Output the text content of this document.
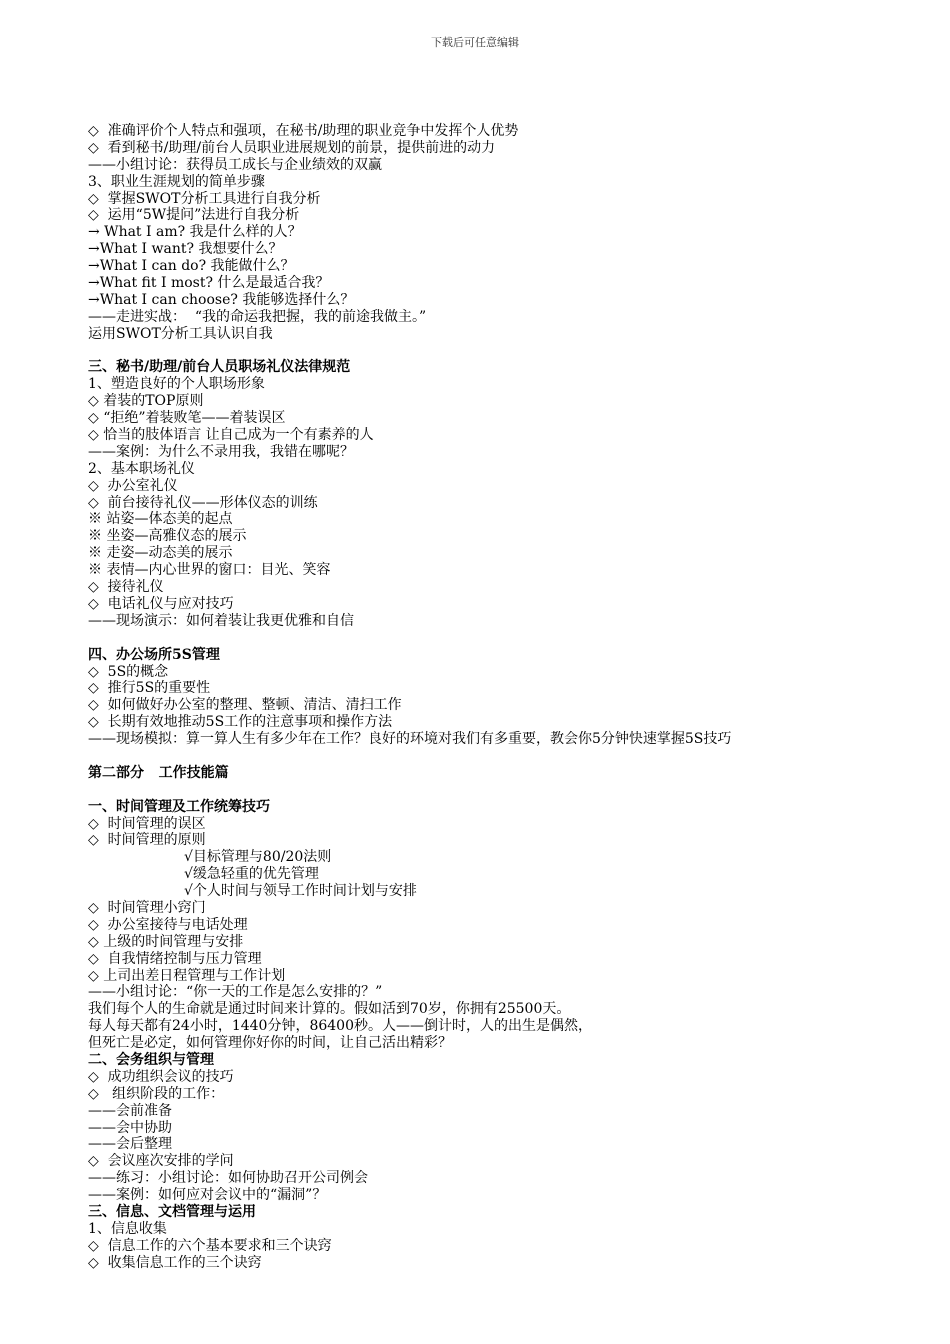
下载后可任意编辑
◇  准确评价个人特点和强项，在秘书/助理的职业竞争中发挥个人优势
◇  看到秘书/助理/前台人员职业进展规划的前景，提供前进的动力
——小组讨论：获得员工成长与企业绩效的双赢
3、职业生涯规划的简单步骤
◇  掌握SWOT分析工具进行自我分析
◇  运用“5W提问”法进行自我分析
→ What I am? 我是什么样的人？
→What I want? 我想要什么？
→What I can do? 我能做什么？
→What fit I most? 什么是最适合我？
→What I can choose? 我能够选择什么？
——走进实战：  “我的命运我把握，我的前途我做主。”
运用SWOT分析工具认识自我
三、秘书/助理/前台人员职场礼仪法律规范
1、塑造良好的个人职场形象
◇ 着装的TOP原则
◇ “拒绝”着装败笔——着装误区
◇ 恰当的肢体语言 让自己成为一个有素养的人
——案例：为什么不录用我，我错在哪呢？
2、基本职场礼仪
◇  办公室礼仪
◇  前台接待礼仪——形体仪态的训练
※ 站姿—体态美的起点
※ 坐姿—高雅仪态的展示
※ 走姿—动态美的展示
※ 表情—内心世界的窗口：目光、笑容
◇  接待礼仪
◇  电话礼仪与应对技巧
——现场演示：如何着装让我更优雅和自信
四、办公场所5S管理
◇  5S的概念
◇  推行5S的重要性
◇  如何做好办公室的整理、整顿、清洁、清扫工作
◇  长期有效地推动5S工作的注意事项和操作方法
——现场模拟：算一算人生有多少年在工作？良好的环境对我们有多重要，教会你5分钟快速掌握5S技巧
第二部分   工作技能篇
一、时间管理及工作统筹技巧
◇  时间管理的误区
◇  时间管理的原则
√目标管理与80/20法则
√缓急轻重的优先管理
√个人时间与领导工作时间计划与安排
◇  时间管理小窍门
◇  办公室接待与电话处理
◇ 上级的时间管理与安排
◇  自我情绪控制与压力管理
◇ 上司出差日程管理与工作计划
——小组讨论：“你一天的工作是怎么安排的？”
我们每个人的生命就是通过时间来计算的。假如活到70岁，你拥有25500天。
每人每天都有24小时，1440分钟，86400秒。人——倒计时，人的出生是偶然，
但死亡是必定，如何管理你好你的时间，让自己活出精彩？
二、会务组织与管理
◇  成功组织会议的技巧
◇   组织阶段的工作：
——会前准备
——会中协助
——会后整理
◇  会议座次安排的学问
——练习：小组讨论：如何协助召开公司例会
——案例：如何应对会议中的“漏洞”？
三、信息、文档管理与运用
1、信息收集
◇  信息工作的六个基本要求和三个诀窍
◇  收集信息工作的三个诀窍
